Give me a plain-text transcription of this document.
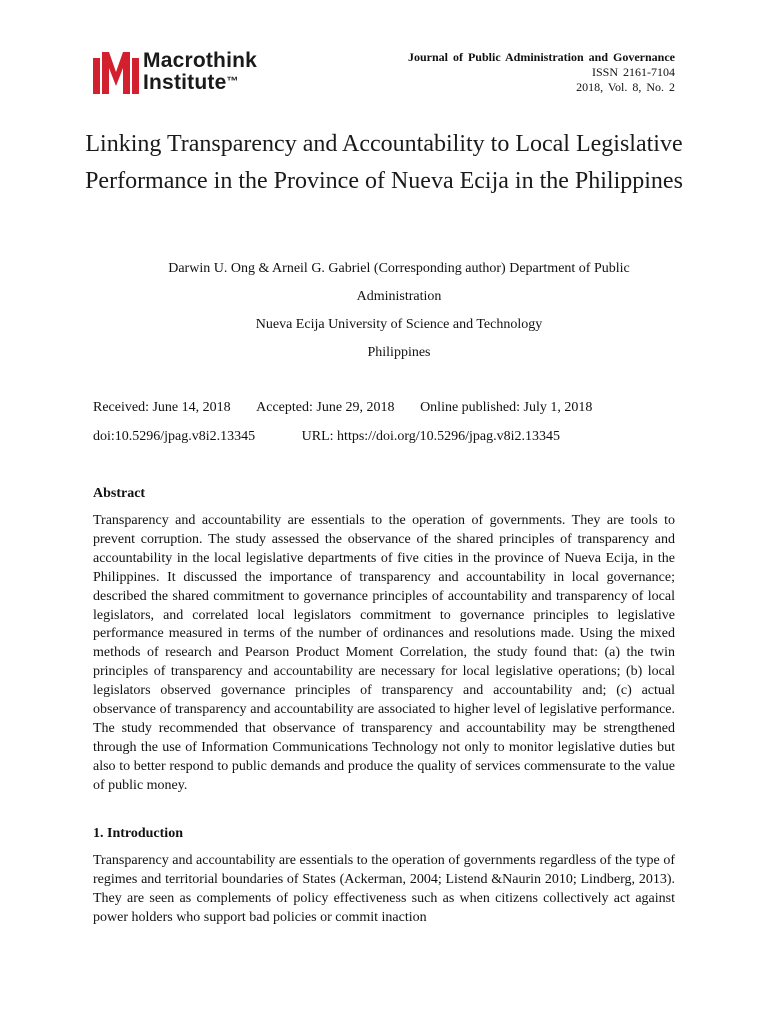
Macrothink
Institute™
Journal of Public Administration and Governance
ISSN 2161-7104
2018, Vol. 8, No. 2
Linking Transparency and Accountability to Local Legislative Performance in the Province of Nueva Ecija in the Philippines
Darwin U. Ong & Arneil G. Gabriel (Corresponding author) Department of Public Administration
Nueva Ecija University of Science and Technology
Philippines
Received: June 14, 2018 Accepted: June 29, 2018 Online published: July 1, 2018
doi:10.5296/jpag.v8i2.13345	URL: https://doi.org/10.5296/jpag.v8i2.13345
Abstract
Transparency and accountability are essentials to the operation of governments. They are tools to prevent corruption. The study assessed the observance of the shared principles of transparency and accountability in the local legislative departments of five cities in the province of Nueva Ecija, in the Philippines. It discussed the importance of transparency and accountability in local governance; described the shared commitment to governance principles of accountability and transparency of local legislators, and correlated local legislators commitment to governance principles to legislative performance measured in terms of the number of ordinances and resolutions made. Using the mixed methods of research and Pearson Product Moment Correlation, the study found that: (a) the twin principles of transparency and accountability are necessary for local legislative operations; (b) local legislators observed governance principles of transparency and accountability and; (c) actual observance of transparency and accountability are associated to higher level of legislative performance. The study recommended that observance of transparency and accountability may be strengthened through the use of Information Communications Technology not only to monitor legislative duties but also to better respond to public demands and produce the quality of services commensurate to the value of public money.
1. Introduction
Transparency and accountability are essentials to the operation of governments regardless of the type of regimes and territorial boundaries of States (Ackerman, 2004; Listend &Naurin 2010; Lindberg, 2013). They are seen as complements of policy effectiveness such as when citizens collectively act against power holders who support bad policies or commit inaction
